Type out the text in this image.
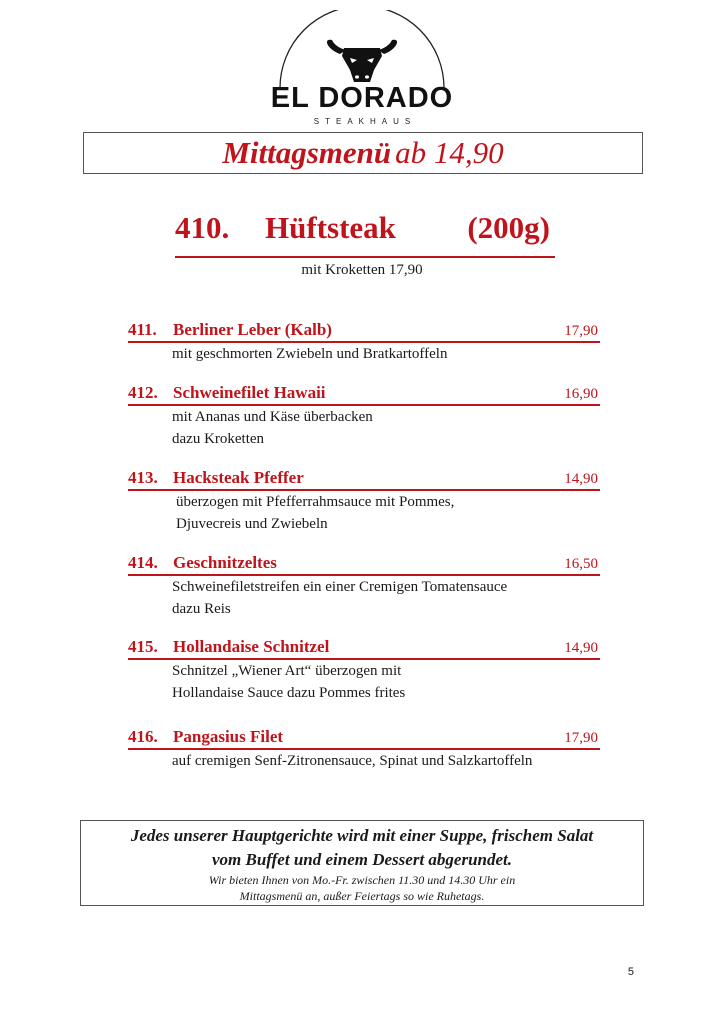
EL DORADO
STEAKHAUS
Mittagsmenü ab 14,90
410. Hüftsteak (200g)
mit Kroketten 17,90
411. Berliner Leber (Kalb)	17,90
mit geschmorten Zwiebeln und Bratkartoffeln
412. Schweinefilet Hawaii	16,90
mit Ananas und Käse überbacken
dazu Kroketten
413. Hacksteak Pfeffer	14,90
überzogen mit Pfefferrahmsauce mit Pommes,
Djuvecreis und Zwiebeln
414. Geschnitzeltes	16,50
Schweinefiletstreifen ein einer Cremigen Tomatensauce
dazu Reis
415. Hollandaise Schnitzel	14,90
Schnitzel „Wiener Art“ überzogen mit
Hollandaise Sauce dazu Pommes frites
416. Pangasius Filet	17,90
auf cremigen Senf-Zitronensauce, Spinat und Salzkartoffeln
Jedes unserer Hauptgerichte wird mit einer Suppe, frischem Salat
vom Buffet und einem Dessert abgerundet.
Wir bieten Ihnen von Mo.-Fr. zwischen 11.30 und 14.30 Uhr ein
Mittagsmenü an, außer Feiertags so wie Ruhetags.
5
